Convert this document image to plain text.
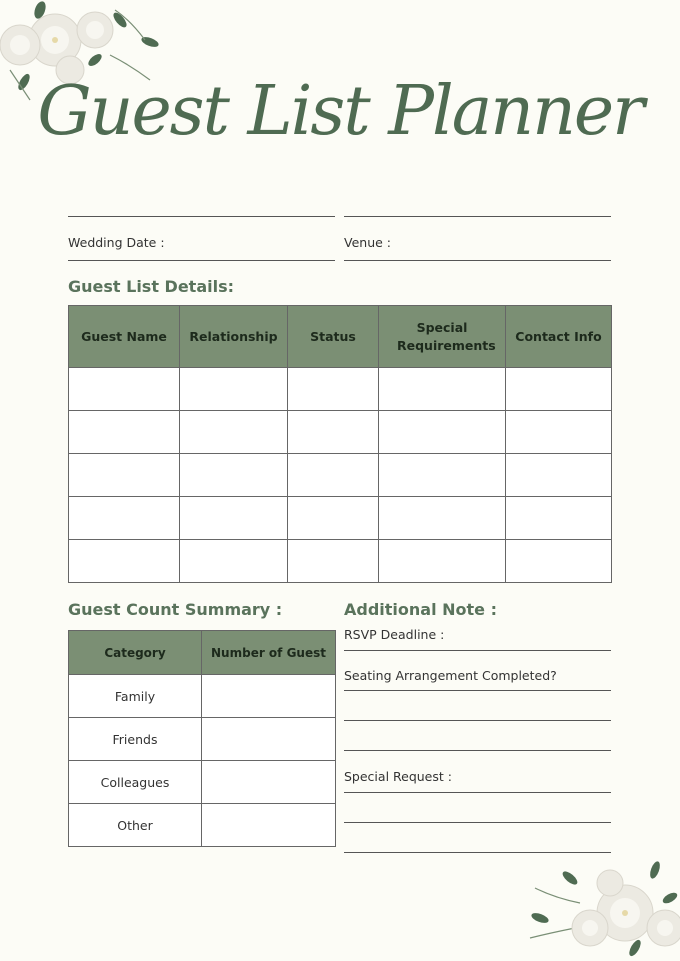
Guest List Planner
Wedding Date :	Venue :
Guest List Details:
Guest Name	Relationship	Status	Special Requirements	Contact Info

Guest Count Summary :
Category	Number of Guest
Family	
Friends	
Colleagues	
Other	
Additional Note :
RSVP Deadline :
Seating Arrangement Completed?
Special Request :
